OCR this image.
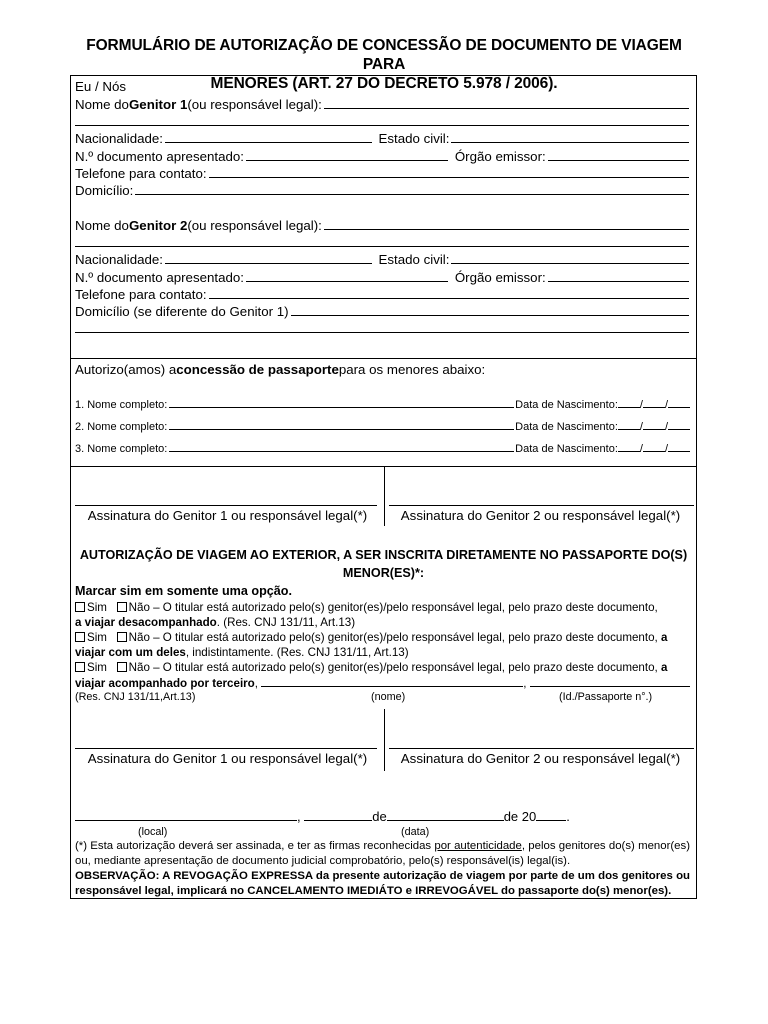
FORMULÁRIO DE AUTORIZAÇÃO DE CONCESSÃO DE DOCUMENTO DE VIAGEM PARA
MENORES (ART. 27 DO DECRETO 5.978 / 2006).
Eu / Nós
Nome do Genitor 1 (ou responsável legal):
Nacionalidade:	Estado civil:
N.º documento apresentado:	Órgão emissor:
Telefone para contato:
Domicílio:
Nome do Genitor 2 (ou responsável legal):
Nacionalidade:	Estado civil:
N.º documento apresentado:	Órgão emissor:
Telefone para contato:
Domicílio (se diferente do Genitor 1)
Autorizo(amos) a concessão de passaporte para os menores abaixo:
1. Nome completo:	Data de Nascimento: / /
2. Nome completo:	Data de Nascimento: / /
3. Nome completo:	Data de Nascimento: / /
Assinatura do Genitor 1 ou responsável legal(*)	Assinatura do Genitor 2 ou responsável legal(*)
AUTORIZAÇÃO DE VIAGEM AO EXTERIOR, A SER INSCRITA DIRETAMENTE NO PASSAPORTE DO(S)
MENOR(ES)*:
Marcar sim em somente uma opção.
Sim Não – O titular está autorizado pelo(s) genitor(es)/pelo responsável legal, pelo prazo deste documento,
a viajar desacompanhado. (Res. CNJ 131/11, Art.13)
Sim Não – O titular está autorizado pelo(s) genitor(es)/pelo responsável legal, pelo prazo deste documento, a
viajar com um deles, indistintamente. (Res. CNJ 131/11, Art.13)
Sim Não – O titular está autorizado pelo(s) genitor(es)/pelo responsável legal, pelo prazo deste documento, a
viajar acompanhado por terceiro,	,
(Res. CNJ 131/11,Art.13)	(nome)	(Id./Passaporte n°.)
Assinatura do Genitor 1 ou responsável legal(*)	Assinatura do Genitor 2 ou responsável legal(*)
,	de	de 20 .
(local)	(data)
(*) Esta autorização deverá ser assinada, e ter as firmas reconhecidas por autenticidade, pelos genitores do(s) menor(es) ou, mediante apresentação de documento judicial comprobatório, pelo(s) responsável(is) legal(is).
OBSERVAÇÃO: A REVOGAÇÃO EXPRESSA da presente autorização de viagem por parte de um dos genitores ou responsável legal, implicará no CANCELAMENTO IMEDIÁTO e IRREVOGÁVEL do passaporte do(s) menor(es).
